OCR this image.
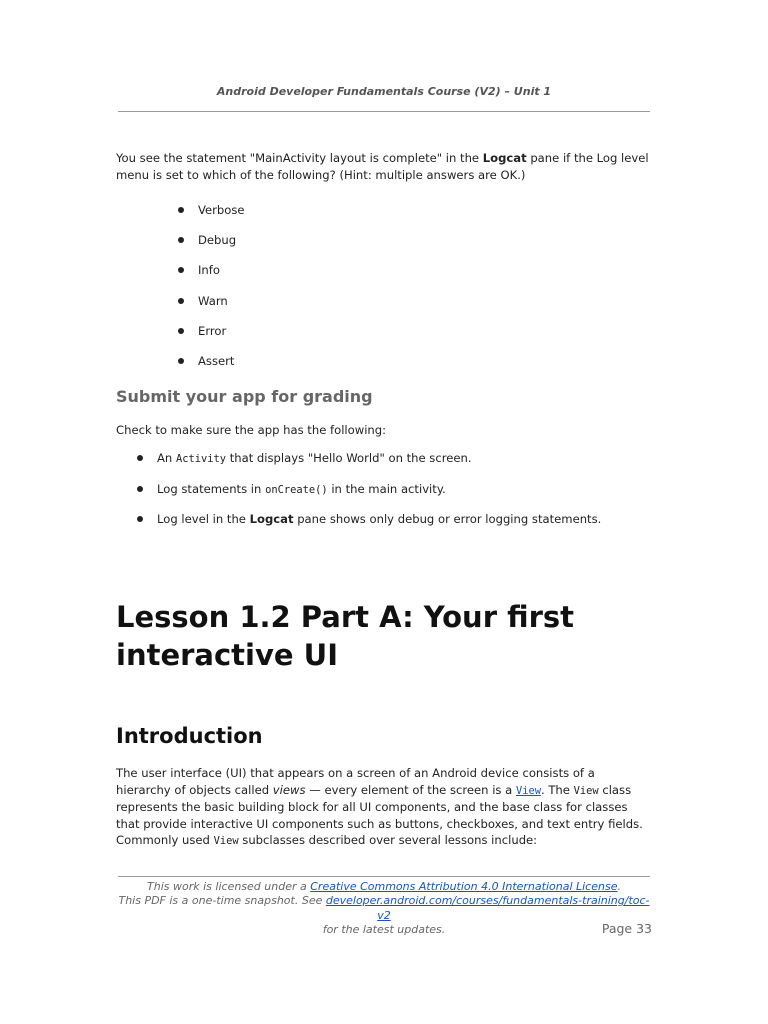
Android Developer Fundamentals Course (V2) – Unit 1

You see the statement "MainActivity layout is complete" in the Logcat pane if the Log level menu is set to which of the following? (Hint: multiple answers are OK.)

Verbose
Debug
Info
Warn
Error
Assert
Submit your app for grading

Check to make sure the app has the following:

An Activity that displays "Hello World" on the screen.
Log statements in onCreate() in the main activity.
Log level in the Logcat pane shows only debug or error logging statements.
Lesson 1.2 Part A: Your first interactive UI
Introduction

The user interface (UI) that appears on a screen of an Android device consists of a hierarchy of objects called views — every element of the screen is a View. The View class represents the basic building block for all UI components, and the base class for classes that provide interactive UI components such as buttons, checkboxes, and text entry fields. Commonly used View subclasses described over several lessons include:

This work is licensed under a Creative Commons Attribution 4.0 International License.
This PDF is a one-time snapshot. See developer.android.com/courses/fundamentals-training/toc-v2
for the latest updates.	Page 33
